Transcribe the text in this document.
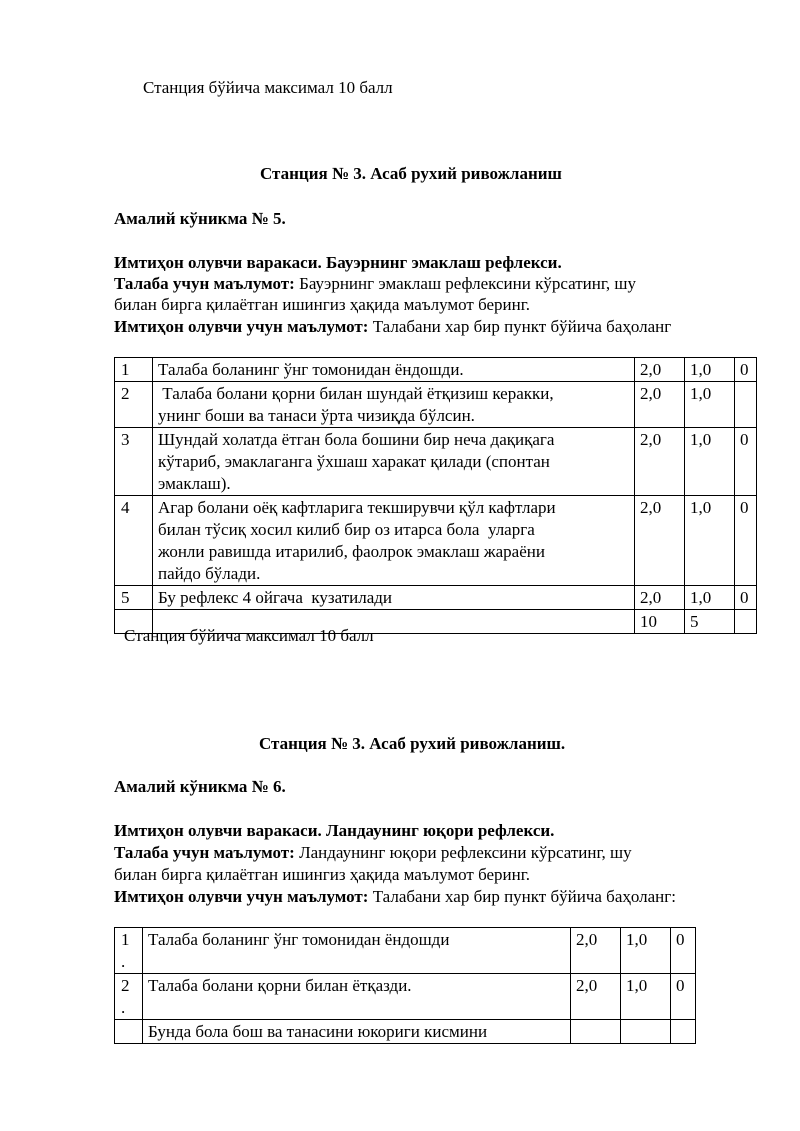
Станция бўйича максимал 10 балл
Станция № 3. Асаб рухий ривожланиш
Амалий кўникма № 5.
Имтиҳон олувчи варакаси. Бауэрнинг эмаклаш рефлекси.
Талаба учун маълумот: Бауэрнинг эмаклаш рефлексини кўрсатинг, шу
билан бирга қилаётган ишингиз ҳақида маълумот беринг.
Имтиҳон олувчи учун маълумот: Талабани хар бир пункт бўйича баҳоланг
1	Талаба боланинг ўнг томонидан ёндошди.	2,0	1,0	0
2	Талаба болани қорни билан шундай ётқизиш керакки,
унинг боши ва танаси ўрта чизиқда бўлсин.	2,0	1,0	
3	Шундай холатда ётган бола бошини бир неча дақиқага
кўтариб, эмаклаганга ўхшаш харакат қилади (спонтан
эмаклаш).	2,0	1,0	0
4	Агар болани оёқ кафтларига текширувчи қўл кафтлари
билан тўсиқ хосил килиб бир оз итарса бола  уларга
жонли равишда итарилиб, фаолрок эмаклаш жараёни
пайдо бўлади.	2,0	1,0	0
5	Бу рефлекс 4 ойгача  кузатилади	2,0	1,0	0
		10	5	
Станция бўйича максимал 10 балл
Станция № 3. Асаб рухий ривожланиш.
Амалий кўникма № 6.
Имтиҳон олувчи варакаси. Ландаунинг юқори рефлекси.
Талаба учун маълумот: Ландаунинг юқори рефлексини кўрсатинг, шу
билан бирга қилаётган ишингиз ҳақида маълумот беринг.
Имтиҳон олувчи учун маълумот: Талабани хар бир пункт бўйича баҳоланг:
1
.	Талаба боланинг ўнг томонидан ёндошди	2,0	1,0	0

2
.	Талаба болани қорни билан ётқазди.	2,0	1,0	0
	Бунда бола бош ва танасини юкориги кисмини			
